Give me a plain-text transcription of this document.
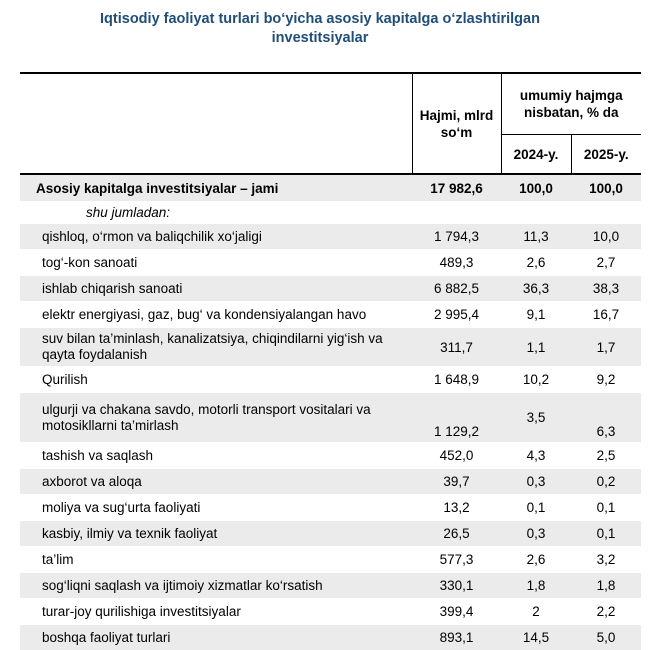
Iqtisodiy faoliyat turlari bo‘yicha asosiy kapitalga o‘zlashtirilgan investitsiyalar
	Hajmi, mlrd so‘m	umumiy hajmga nisbatan, % da	
		2024-y.	2025-y.
Asosiy kapitalga investitsiyalar – jami	17 982,6	100,0	100,0
shu jumladan:			
qishloq, o‘rmon va baliqchilik xo‘jaligi	1 794,3	11,3	10,0
tog‘-kon sanoati	489,3	2,6	2,7
ishlab chiqarish sanoati	6 882,5	36,3	38,3
elektr energiyasi, gaz, bug‘ va kondensiyalangan havo	2 995,4	9,1	16,7
suv bilan ta’minlash, kanalizatsiya, chiqindilarni yig‘ish va qayta foydalanish	311,7	1,1	1,7
Qurilish	1 648,9	10,2	9,2
ulgurji va chakana savdo, motorli transport vositalari va motosikllarni ta’mirlash	1 129,2	3,5	6,3
tashish va saqlash	452,0	4,3	2,5
axborot va aloqa	39,7	0,3	0,2
moliya va sug‘urta faoliyati	13,2	0,1	0,1
kasbiy, ilmiy va texnik faoliyat	26,5	0,3	0,1
ta’lim	577,3	2,6	3,2
sog‘liqni saqlash va ijtimoiy xizmatlar ko‘rsatish	330,1	1,8	1,8
turar-joy qurilishiga investitsiyalar	399,4	2	2,2
boshqa faoliyat turlari	893,1	14,5	5,0
